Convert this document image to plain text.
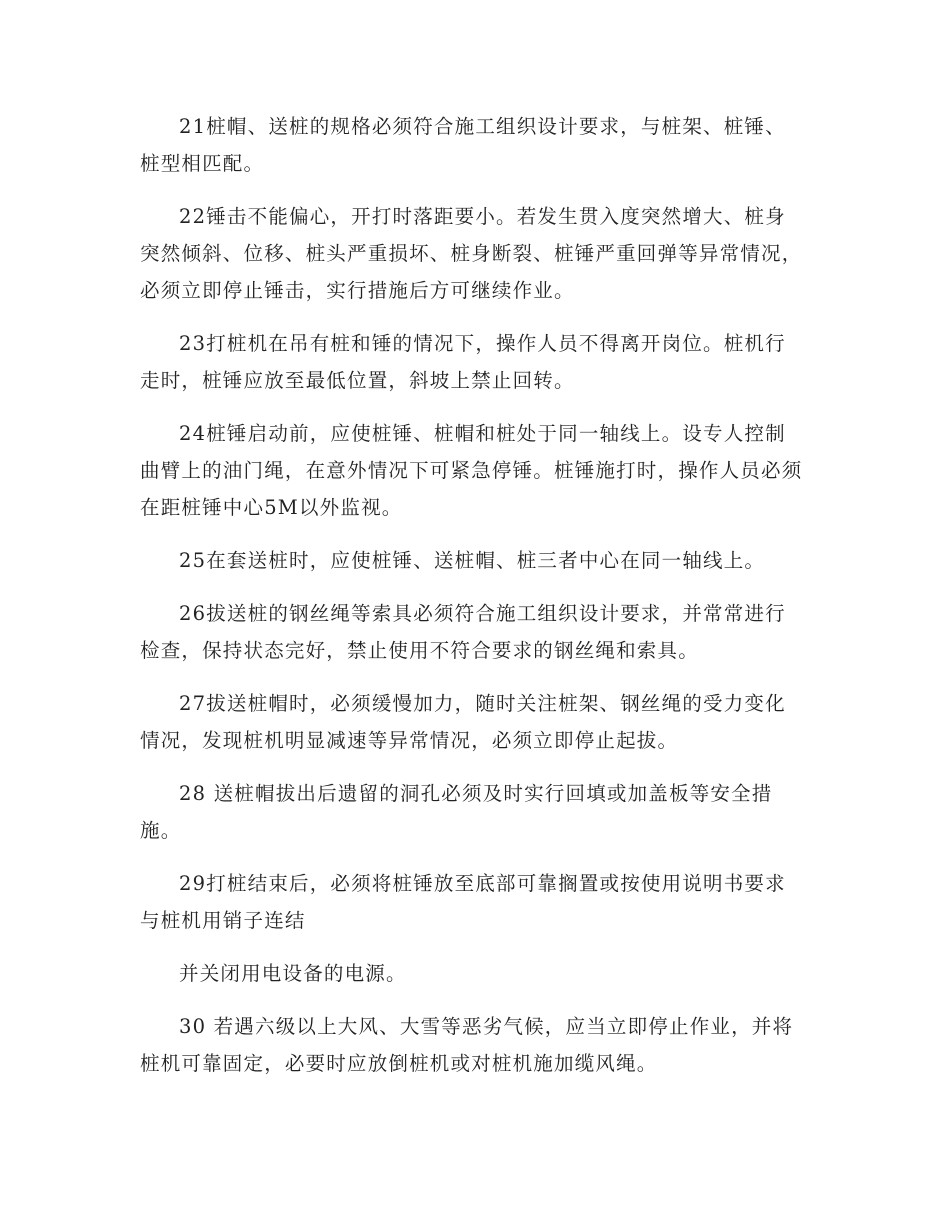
21桩帽、送桩的规格必须符合施工组织设计要求，与桩架、桩锤、桩型相匹配。

22锤击不能偏心，开打时落距要小。若发生贯入度突然增大、桩身突然倾斜、位移、桩头严重损坏、桩身断裂、桩锤严重回弹等异常情况，必须立即停止锤击，实行措施后方可继续作业。

23打桩机在吊有桩和锤的情况下，操作人员不得离开岗位。桩机行走时，桩锤应放至最低位置，斜坡上禁止回转。

24桩锤启动前，应使桩锤、桩帽和桩处于同一轴线上。设专人控制曲臂上的油门绳，在意外情况下可紧急停锤。桩锤施打时，操作人员必须在距桩锤中心5M以外监视。

25在套送桩时，应使桩锤、送桩帽、桩三者中心在同一轴线上。

26拔送桩的钢丝绳等索具必须符合施工组织设计要求，并常常进行检查，保持状态完好，禁止使用不符合要求的钢丝绳和索具。

27拔送桩帽时，必须缓慢加力，随时关注桩架、钢丝绳的受力变化情况，发现桩机明显减速等异常情况，必须立即停止起拔。

28 送桩帽拔出后遗留的洞孔必须及时实行回填或加盖板等安全措施。

29打桩结束后，必须将桩锤放至底部可靠搁置或按使用说明书要求与桩机用销子连结

并关闭用电设备的电源。

30 若遇六级以上大风、大雪等恶劣气候，应当立即停止作业，并将桩机可靠固定，必要时应放倒桩机或对桩机施加缆风绳。
